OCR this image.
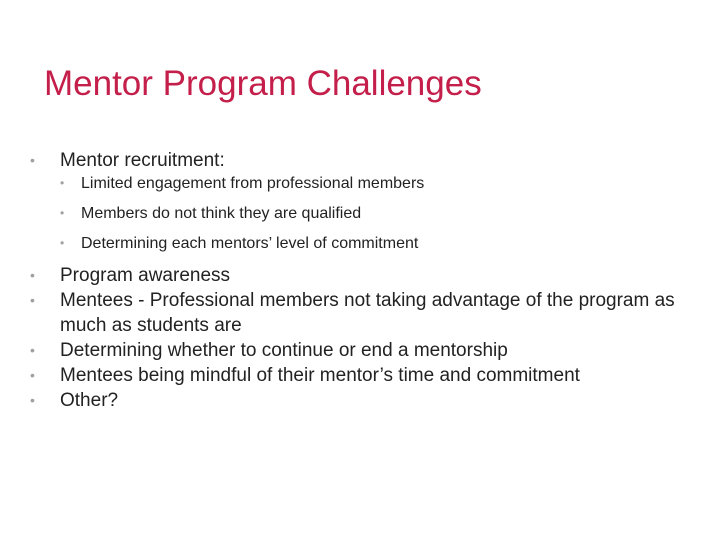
Mentor Program Challenges
• Mentor recruitment:
• Limited engagement from professional members
• Members do not think they are qualified
• Determining each mentors’ level of commitment
• Program awareness
• Mentees - Professional members not taking advantage of the program as much as students are
• Determining whether to continue or end a mentorship
• Mentees being mindful of their mentor’s time and commitment
• Other?
